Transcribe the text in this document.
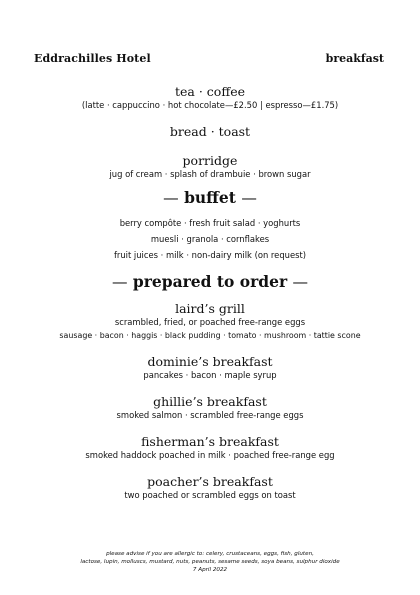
Eddrachilles Hotel	breakfast
tea · coffee
(latte · cappuccino · hot chocolate—£2.50 | espresso—£1.75)
bread · toast
porridge
jug of cream · splash of drambuie · brown sugar
— buffet —
berry compôte · fresh fruit salad · yoghurts
muesli · granola · cornflakes
fruit juices · milk · non-dairy milk (on request)
— prepared to order —
laird’s grill
scrambled, fried, or poached free-range eggs
sausage · bacon · haggis · black pudding · tomato · mushroom · tattie scone
dominie’s breakfast
pancakes · bacon · maple syrup
ghillie’s breakfast
smoked salmon · scrambled free-range eggs
fisherman’s breakfast
smoked haddock poached in milk · poached free-range egg
poacher’s breakfast
two poached or scrambled eggs on toast
please advise if you are allergic to: celery, crustaceans, eggs, fish, gluten,
lactose, lupin, molluscs, mustard, nuts, peanuts, sesame seeds, soya beans, sulphur dioxide
7 April 2022
